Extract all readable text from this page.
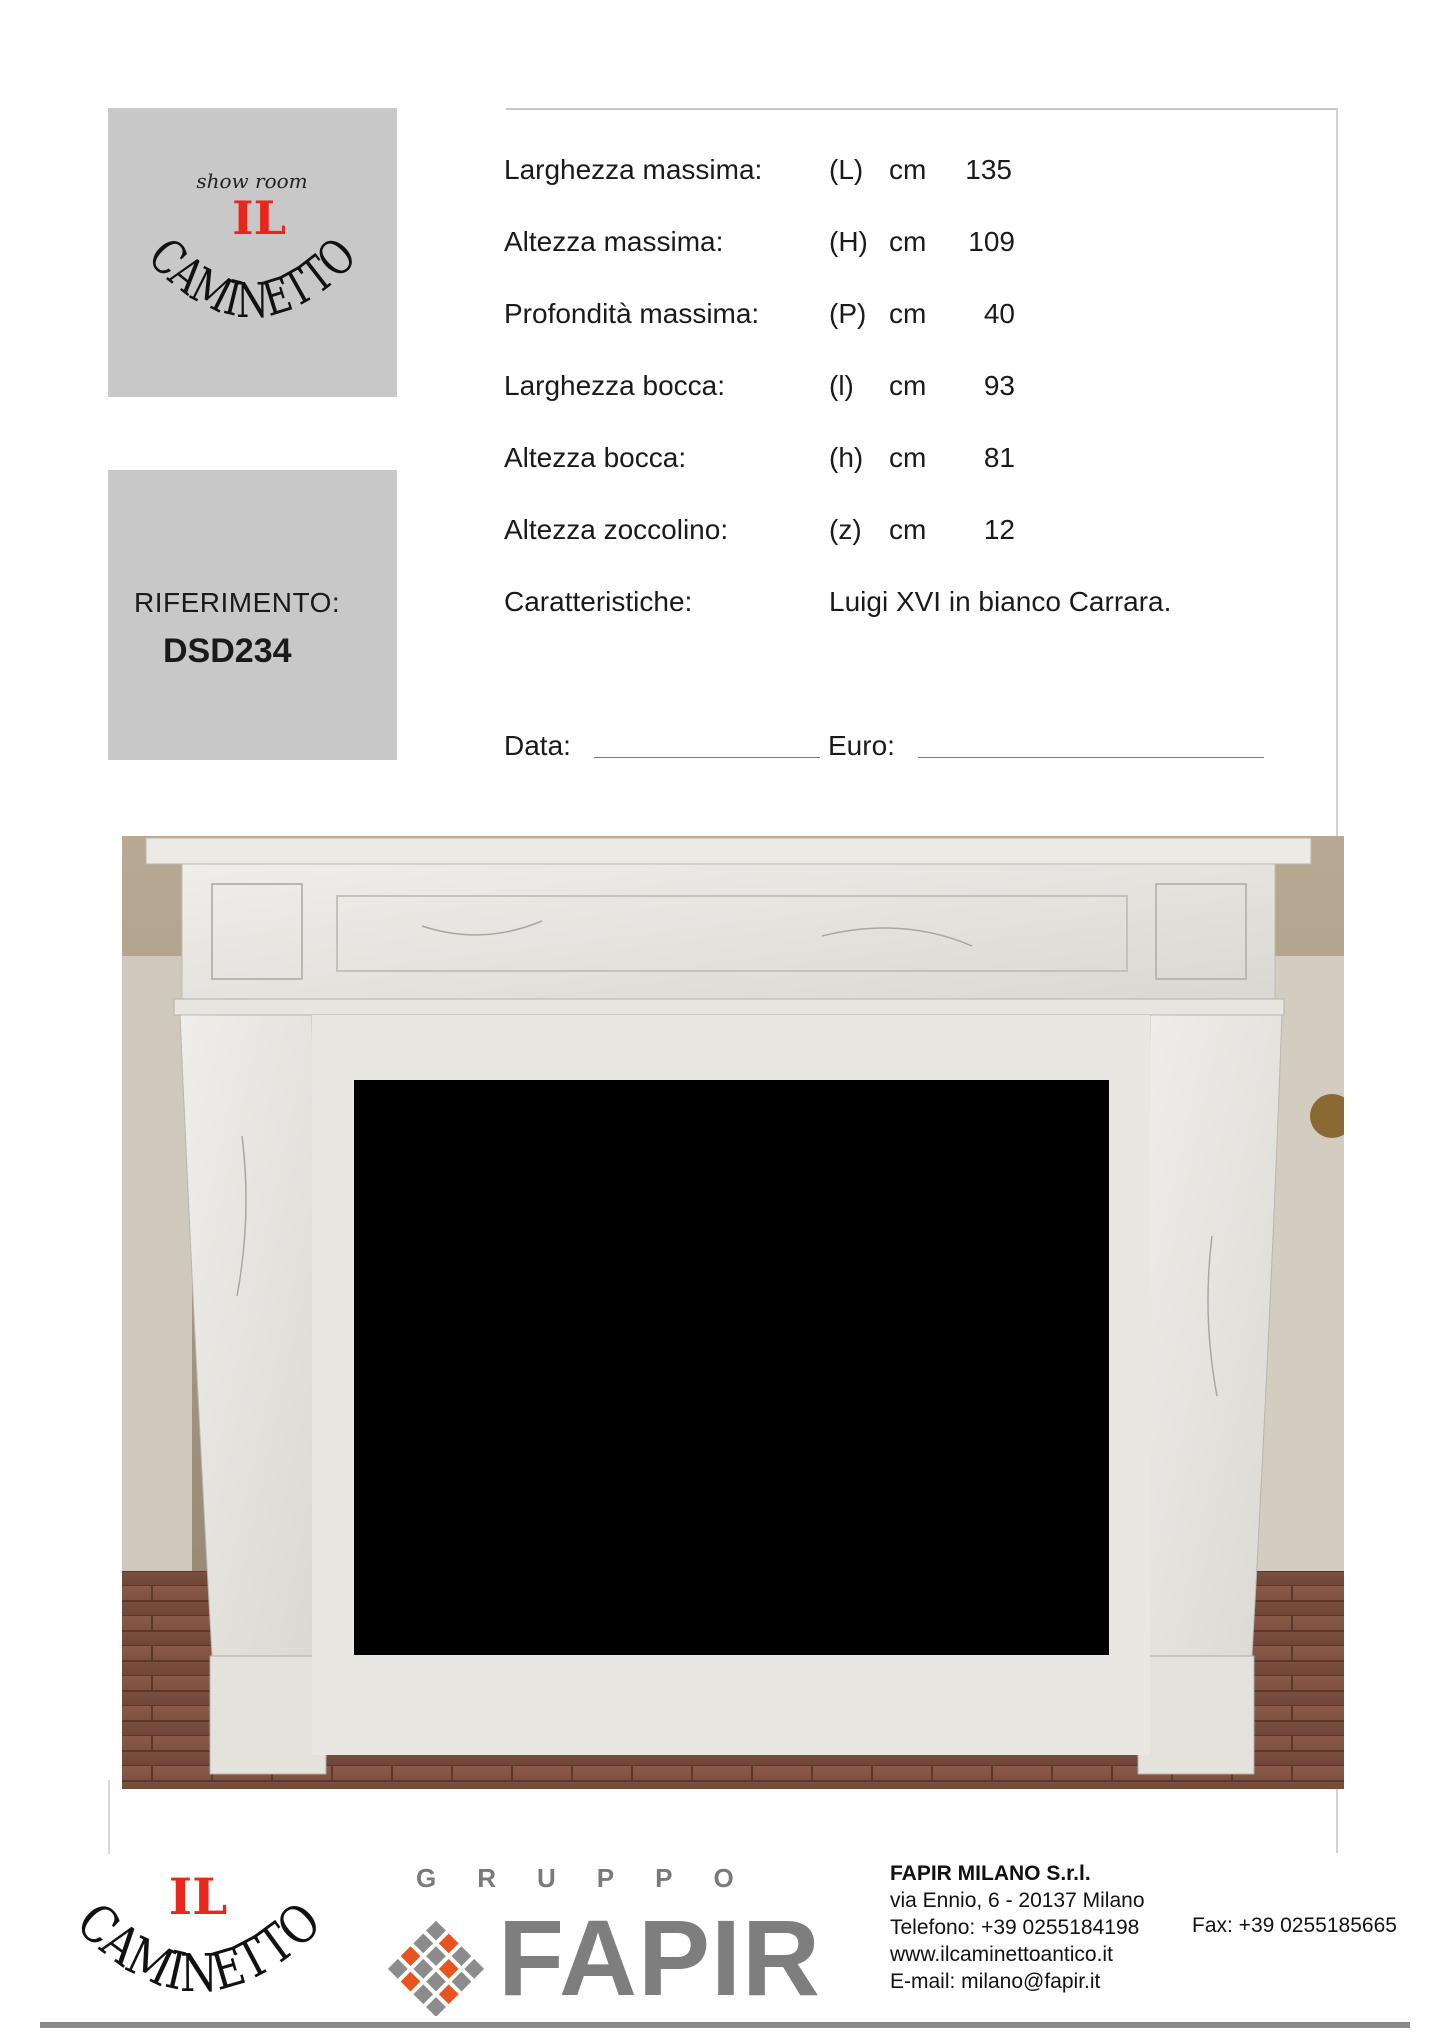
show room
IL
CAMINETTO
RIFERIMENTO:
DSD234
Larghezza massima: (L) cm	135
Altezza massima:	(H) cm	109
Profondità massima: (P) cm	40
Larghezza bocca:	(l) cm	93
Altezza bocca:	(h) cm	81
Altezza zoccolino:	(z) cm	12
Caratteristiche:	Luigi XVI in bianco Carrara.
Data:	Euro:
IL
CAMINETTO
GRUPPO
FAPIR
FAPIR MILANO S.r.l.
via Ennio, 6 - 20137 Milano
Telefono: +39 0255184198
www.ilcaminettoantico.it
E-mail: milano@fapir.it
Fax: +39 0255185665
